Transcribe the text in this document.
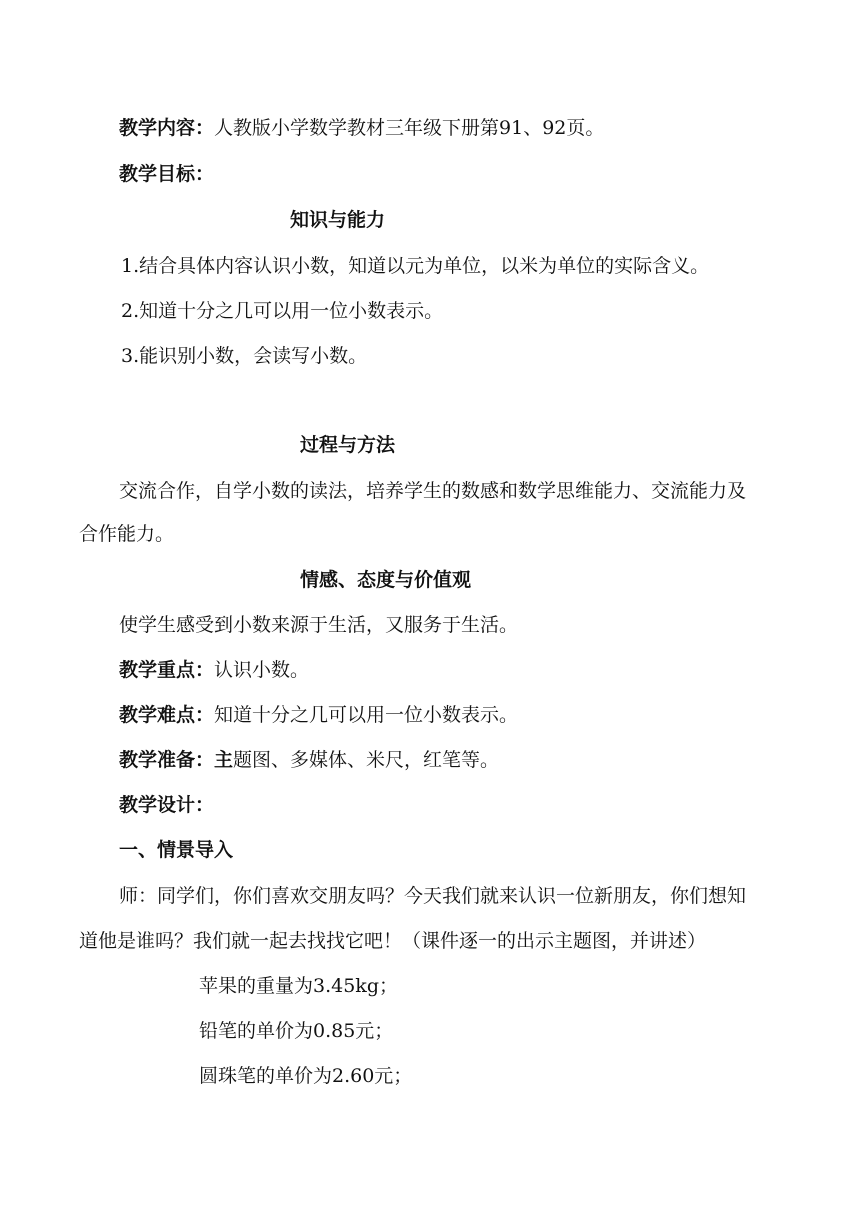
教学内容：人教版小学数学教材三年级下册第91、92页。
教学目标：
知识与能力
1.结合具体内容认识小数，知道以元为单位，以米为单位的实际含义。
2.知道十分之几可以用一位小数表示。
3.能识别小数，会读写小数。
过程与方法
交流合作，自学小数的读法，培养学生的数感和数学思维能力、交流能力及
合作能力。
情感、态度与价值观
使学生感受到小数来源于生活，又服务于生活。
教学重点：认识小数。
教学难点：知道十分之几可以用一位小数表示。
教学准备：主题图、多媒体、米尺，红笔等。
教学设计：
一、情景导入
师：同学们，你们喜欢交朋友吗？今天我们就来认识一位新朋友，你们想知
道他是谁吗？我们就一起去找找它吧！（课件逐一的出示主题图，并讲述）
苹果的重量为3.45kg；
铅笔的单价为0.85元；
圆珠笔的单价为2.60元；
